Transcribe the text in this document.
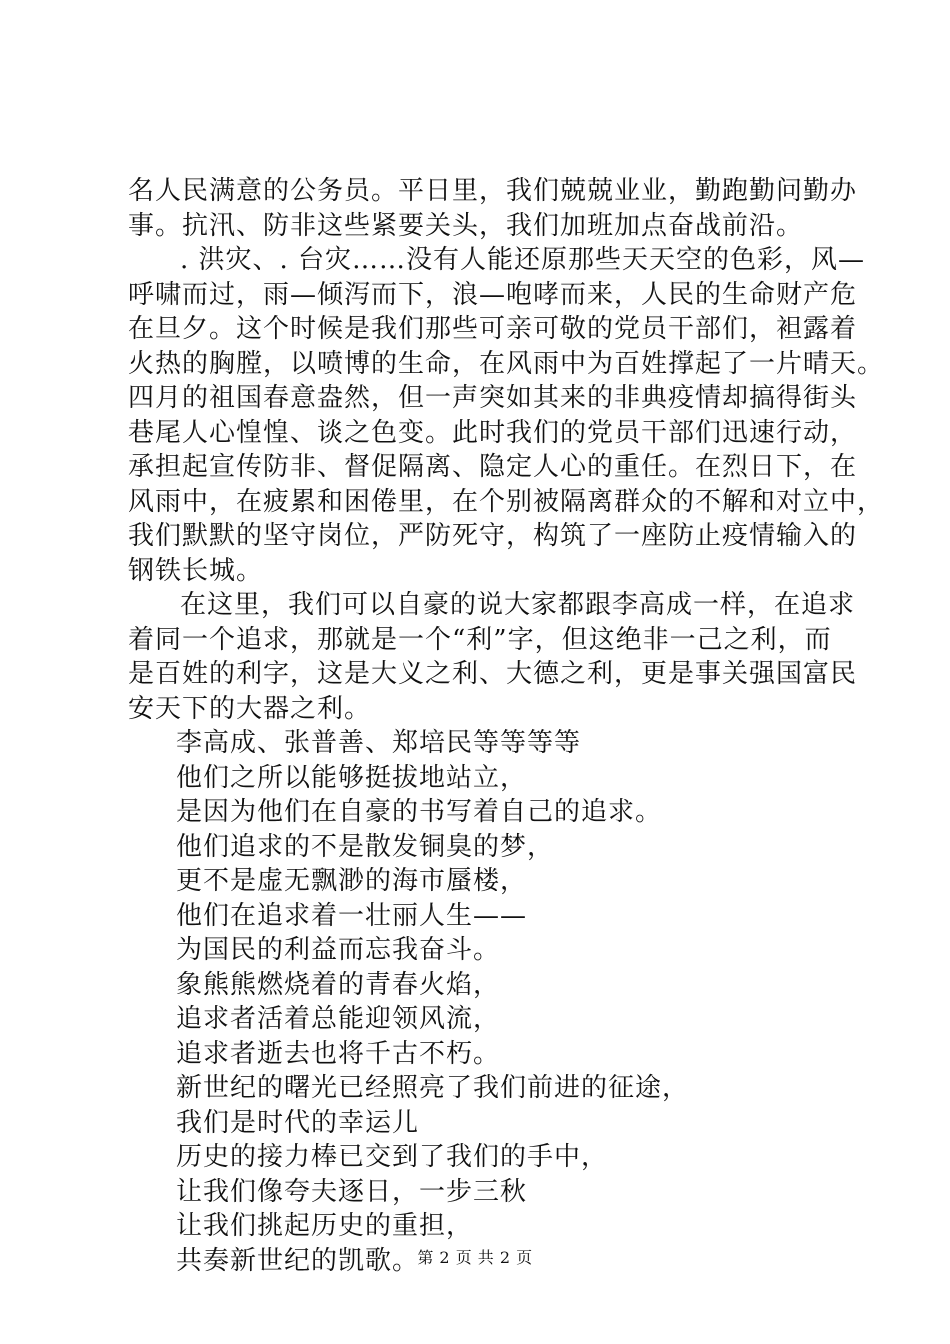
名人民满意的公务员。平日里，我们兢兢业业，勤跑勤问勤办
事。抗汛、防非这些紧要关头，我们加班加点奋战前沿。
. 洪灾、. 台灾……没有人能还原那些天天空的色彩，风—
呼啸而过，雨—倾泻而下，浪—咆哮而来，人民的生命财产危
在旦夕。这个时候是我们那些可亲可敬的党员干部们，袒露着
火热的胸膛，以喷博的生命，在风雨中为百姓撑起了一片晴天。
四月的祖国春意盎然，但一声突如其来的非典疫情却搞得街头
巷尾人心惶惶、谈之色变。此时我们的党员干部们迅速行动，
承担起宣传防非、督促隔离、隐定人心的重任。在烈日下，在
风雨中，在疲累和困倦里，在个别被隔离群众的不解和对立中，
我们默默的坚守岗位，严防死守，构筑了一座防止疫情输入的
钢铁长城。
在这里，我们可以自豪的说大家都跟李高成一样，在追求
着同一个追求，那就是一个“利”字，但这绝非一己之利，而
是百姓的利字，这是大义之利、大德之利，更是事关强国富民
安天下的大器之利。
李高成、张普善、郑培民等等等等
他们之所以能够挺拔地站立，
是因为他们在自豪的书写着自己的追求。
他们追求的不是散发铜臭的梦，
更不是虚无飘渺的海市蜃楼，
他们在追求着一壮丽人生——
为国民的利益而忘我奋斗。
象熊熊燃烧着的青春火焰，
追求者活着总能迎领风流，
追求者逝去也将千古不朽。
新世纪的曙光已经照亮了我们前进的征途，
我们是时代的幸运儿
历史的接力棒已交到了我们的手中，
让我们像夸夫逐日，一步三秋
让我们挑起历史的重担，
共奏新世纪的凯歌。
第 2 页 共 2 页
